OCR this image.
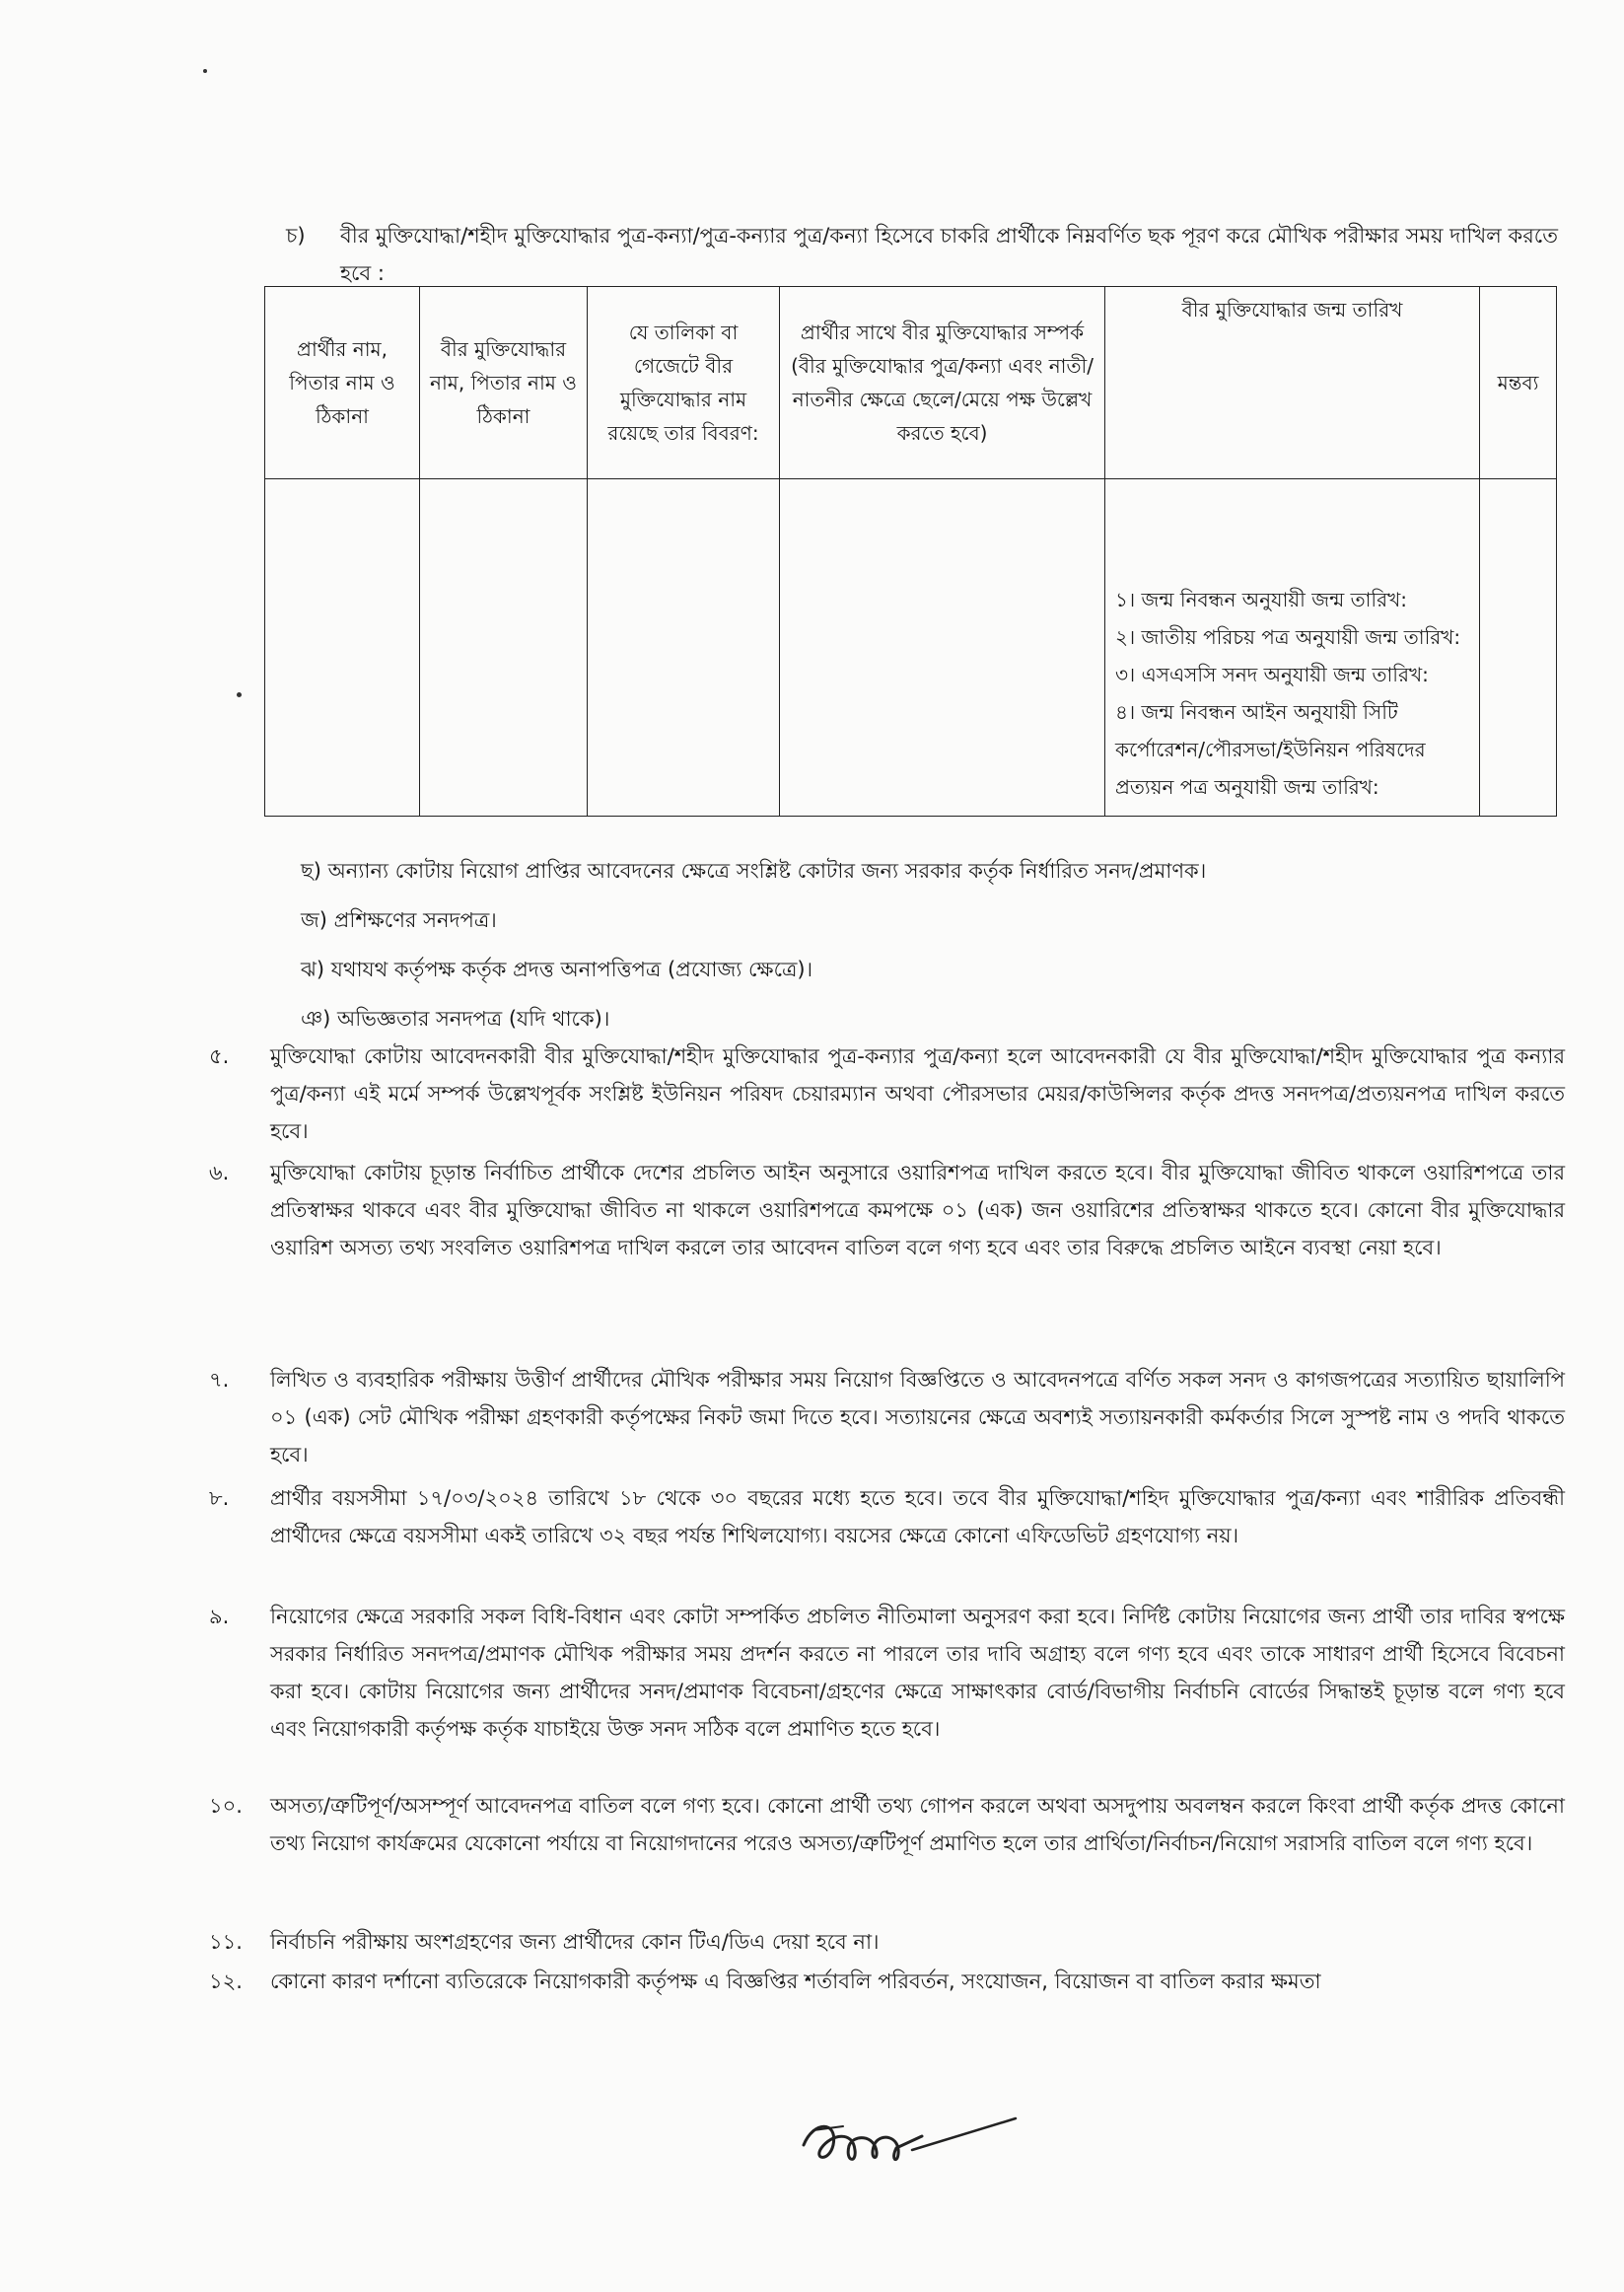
চ)	বীর মুক্তিযোদ্ধা/শহীদ মুক্তিযোদ্ধার পুত্র-কন্যা/পুত্র-কন্যার পুত্র/কন্যা হিসেবে চাকরি প্রার্থীকে নিম্নবর্ণিত ছক পূরণ করে মৌখিক পরীক্ষার সময় দাখিল করতে হবে :
প্রার্থীর নাম, পিতার নাম ও ঠিকানা	বীর মুক্তিযোদ্ধার নাম, পিতার নাম ও ঠিকানা	যে তালিকা বা গেজেটে বীর মুক্তিযোদ্ধার নাম রয়েছে তার বিবরণ:	প্রার্থীর সাথে বীর মুক্তিযোদ্ধার সম্পর্ক (বীর মুক্তিযোদ্ধার পুত্র/কন্যা এবং নাতী/নাতনীর ক্ষেত্রে ছেলে/মেয়ে পক্ষ উল্লেখ করতে হবে)	বীর মুক্তিযোদ্ধার জন্ম তারিখ	মন্তব্য

				১। জন্ম নিবন্ধন অনুযায়ী জন্ম তারিখ:
২। জাতীয় পরিচয় পত্র অনুযায়ী জন্ম তারিখ:
৩। এসএসসি সনদ অনুযায়ী জন্ম তারিখ:
৪। জন্ম নিবন্ধন আইন অনুযায়ী সিটি কর্পোরেশন/পৌরসভা/ইউনিয়ন পরিষদের প্রত্যয়ন পত্র অনুযায়ী জন্ম তারিখ:	

ছ) অন্যান্য কোটায় নিয়োগ প্রাপ্তির আবেদনের ক্ষেত্রে সংশ্লিষ্ট কোটার জন্য সরকার কর্তৃক নির্ধারিত সনদ/প্রমাণক।
জ) প্রশিক্ষণের সনদপত্র।
ঝ) যথাযথ কর্তৃপক্ষ কর্তৃক প্রদত্ত অনাপত্তিপত্র (প্রযোজ্য ক্ষেত্রে)।
ঞ) অভিজ্ঞতার সনদপত্র (যদি থাকে)।
৫.	মুক্তিযোদ্ধা কোটায় আবেদনকারী বীর মুক্তিযোদ্ধা/শহীদ মুক্তিযোদ্ধার পুত্র-কন্যার পুত্র/কন্যা হলে আবেদনকারী যে বীর মুক্তিযোদ্ধা/শহীদ মুক্তিযোদ্ধার পুত্র কন্যার পুত্র/কন্যা এই মর্মে সম্পর্ক উল্লেখপূর্বক সংশ্লিষ্ট ইউনিয়ন পরিষদ চেয়ারম্যান অথবা পৌরসভার মেয়র/কাউন্সিলর কর্তৃক প্রদত্ত সনদপত্র/প্রত্যয়নপত্র দাখিল করতে হবে।
৬.	মুক্তিযোদ্ধা কোটায় চূড়ান্ত নির্বাচিত প্রার্থীকে দেশের প্রচলিত আইন অনুসারে ওয়ারিশপত্র দাখিল করতে হবে। বীর মুক্তিযোদ্ধা জীবিত থাকলে ওয়ারিশপত্রে তার প্রতিস্বাক্ষর থাকবে এবং বীর মুক্তিযোদ্ধা জীবিত না থাকলে ওয়ারিশপত্রে কমপক্ষে ০১ (এক) জন ওয়ারিশের প্রতিস্বাক্ষর থাকতে হবে। কোনো বীর মুক্তিযোদ্ধার ওয়ারিশ অসত্য তথ্য সংবলিত ওয়ারিশপত্র দাখিল করলে তার আবেদন বাতিল বলে গণ্য হবে এবং তার বিরুদ্ধে প্রচলিত আইনে ব্যবস্থা নেয়া হবে।
৭.	লিখিত ও ব্যবহারিক পরীক্ষায় উত্তীর্ণ প্রার্থীদের মৌখিক পরীক্ষার সময় নিয়োগ বিজ্ঞপ্তিতে ও আবেদনপত্রে বর্ণিত সকল সনদ ও কাগজপত্রের সত্যায়িত ছায়ালিপি ০১ (এক) সেট মৌখিক পরীক্ষা গ্রহণকারী কর্তৃপক্ষের নিকট জমা দিতে হবে। সত্যায়নের ক্ষেত্রে অবশ্যই সত্যায়নকারী কর্মকর্তার সিলে সুস্পষ্ট নাম ও পদবি থাকতে হবে।
৮.	প্রার্থীর বয়সসীমা ১৭/০৩/২০২৪ তারিখে ১৮ থেকে ৩০ বছরের মধ্যে হতে হবে। তবে বীর মুক্তিযোদ্ধা/শহিদ মুক্তিযোদ্ধার পুত্র/কন্যা এবং শারীরিক প্রতিবন্ধী প্রার্থীদের ক্ষেত্রে বয়সসীমা একই তারিখে ৩২ বছর পর্যন্ত শিথিলযোগ্য। বয়সের ক্ষেত্রে কোনো এফিডেভিট গ্রহণযোগ্য নয়।
৯.	নিয়োগের ক্ষেত্রে সরকারি সকল বিধি-বিধান এবং কোটা সম্পর্কিত প্রচলিত নীতিমালা অনুসরণ করা হবে। নির্দিষ্ট কোটায় নিয়োগের জন্য প্রার্থী তার দাবির স্বপক্ষে সরকার নির্ধারিত সনদপত্র/প্রমাণক মৌখিক পরীক্ষার সময় প্রদর্শন করতে না পারলে তার দাবি অগ্রাহ্য বলে গণ্য হবে এবং তাকে সাধারণ প্রার্থী হিসেবে বিবেচনা করা হবে। কোটায় নিয়োগের জন্য প্রার্থীদের সনদ/প্রমাণক বিবেচনা/গ্রহণের ক্ষেত্রে সাক্ষাৎকার বোর্ড/বিভাগীয় নির্বাচনি বোর্ডের সিদ্ধান্তই চূড়ান্ত বলে গণ্য হবে এবং নিয়োগকারী কর্তৃপক্ষ কর্তৃক যাচাইয়ে উক্ত সনদ সঠিক বলে প্রমাণিত হতে হবে।
১০.	অসত্য/ত্রুটিপূর্ণ/অসম্পূর্ণ আবেদনপত্র বাতিল বলে গণ্য হবে। কোনো প্রার্থী তথ্য গোপন করলে অথবা অসদুপায় অবলম্বন করলে কিংবা প্রার্থী কর্তৃক প্রদত্ত কোনো তথ্য নিয়োগ কার্যক্রমের যেকোনো পর্যায়ে বা নিয়োগদানের পরেও অসত্য/ত্রুটিপূর্ণ প্রমাণিত হলে তার প্রার্থিতা/নির্বাচন/নিয়োগ সরাসরি বাতিল বলে গণ্য হবে।
১১.	নির্বাচনি পরীক্ষায় অংশগ্রহণের জন্য প্রার্থীদের কোন টিএ/ডিএ দেয়া হবে না।
১২.	কোনো কারণ দর্শানো ব্যতিরেকে নিয়োগকারী কর্তৃপক্ষ এ বিজ্ঞপ্তির শর্তাবলি পরিবর্তন, সংযোজন, বিয়োজন বা বাতিল করার ক্ষমতা
